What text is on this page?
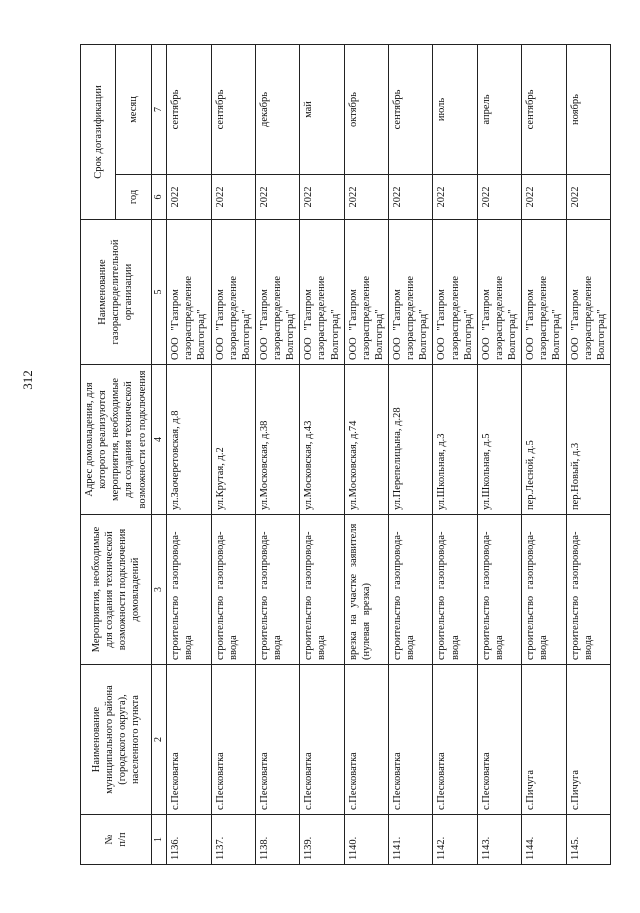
312
№
п/п	Наименование муниципального района (городского округа), населенного пункта	Мероприятия, необходимые для создания технической возможности подключения домовладений	Адрес домовладения, для которого реализуются мероприятия, необходимые для создания технической возможности его подключения	Наименование газораспределительной организации	Срок догазификации	
					год	месяц
1	2	3	4	5	6	7
1136.	с.Песковатка	строительство газопровода-ввода	ул.Заочеретовская, д.8	ООО "Газпром газораспределение Волгоград"	2022	сентябрь
1137.	с.Песковатка	строительство газопровода-ввода	ул.Крутая, д.2	ООО "Газпром газораспределение Волгоград"	2022	сентябрь
1138.	с.Песковатка	строительство газопровода-ввода	ул.Московская, д.38	ООО "Газпром газораспределение Волгоград"	2022	декабрь
1139.	с.Песковатка	строительство газопровода-ввода	ул.Московская, д.43	ООО "Газпром газораспределение Волгоград"	2022	май
1140.	с.Песковатка	врезка на участке заявителя (нулевая врезка)	ул.Московская, д.74	ООО "Газпром газораспределение Волгоград"	2022	октябрь
1141.	с.Песковатка	строительство газопровода-ввода	ул.Перепелицына, д.28	ООО "Газпром газораспределение Волгоград"	2022	сентябрь
1142.	с.Песковатка	строительство газопровода-ввода	ул.Школьная, д.3	ООО "Газпром газораспределение Волгоград"	2022	июль
1143.	с.Песковатка	строительство газопровода-ввода	ул.Школьная, д.5	ООО "Газпром газораспределение Волгоград"	2022	апрель
1144.	с.Пичуга	строительство газопровода-ввода	пер.Лесной, д.5	ООО "Газпром газораспределение Волгоград"	2022	сентябрь
1145.	с.Пичуга	строительство газопровода-ввода	пер.Новый, д.3	ООО "Газпром газораспределение Волгоград"	2022	ноябрь
